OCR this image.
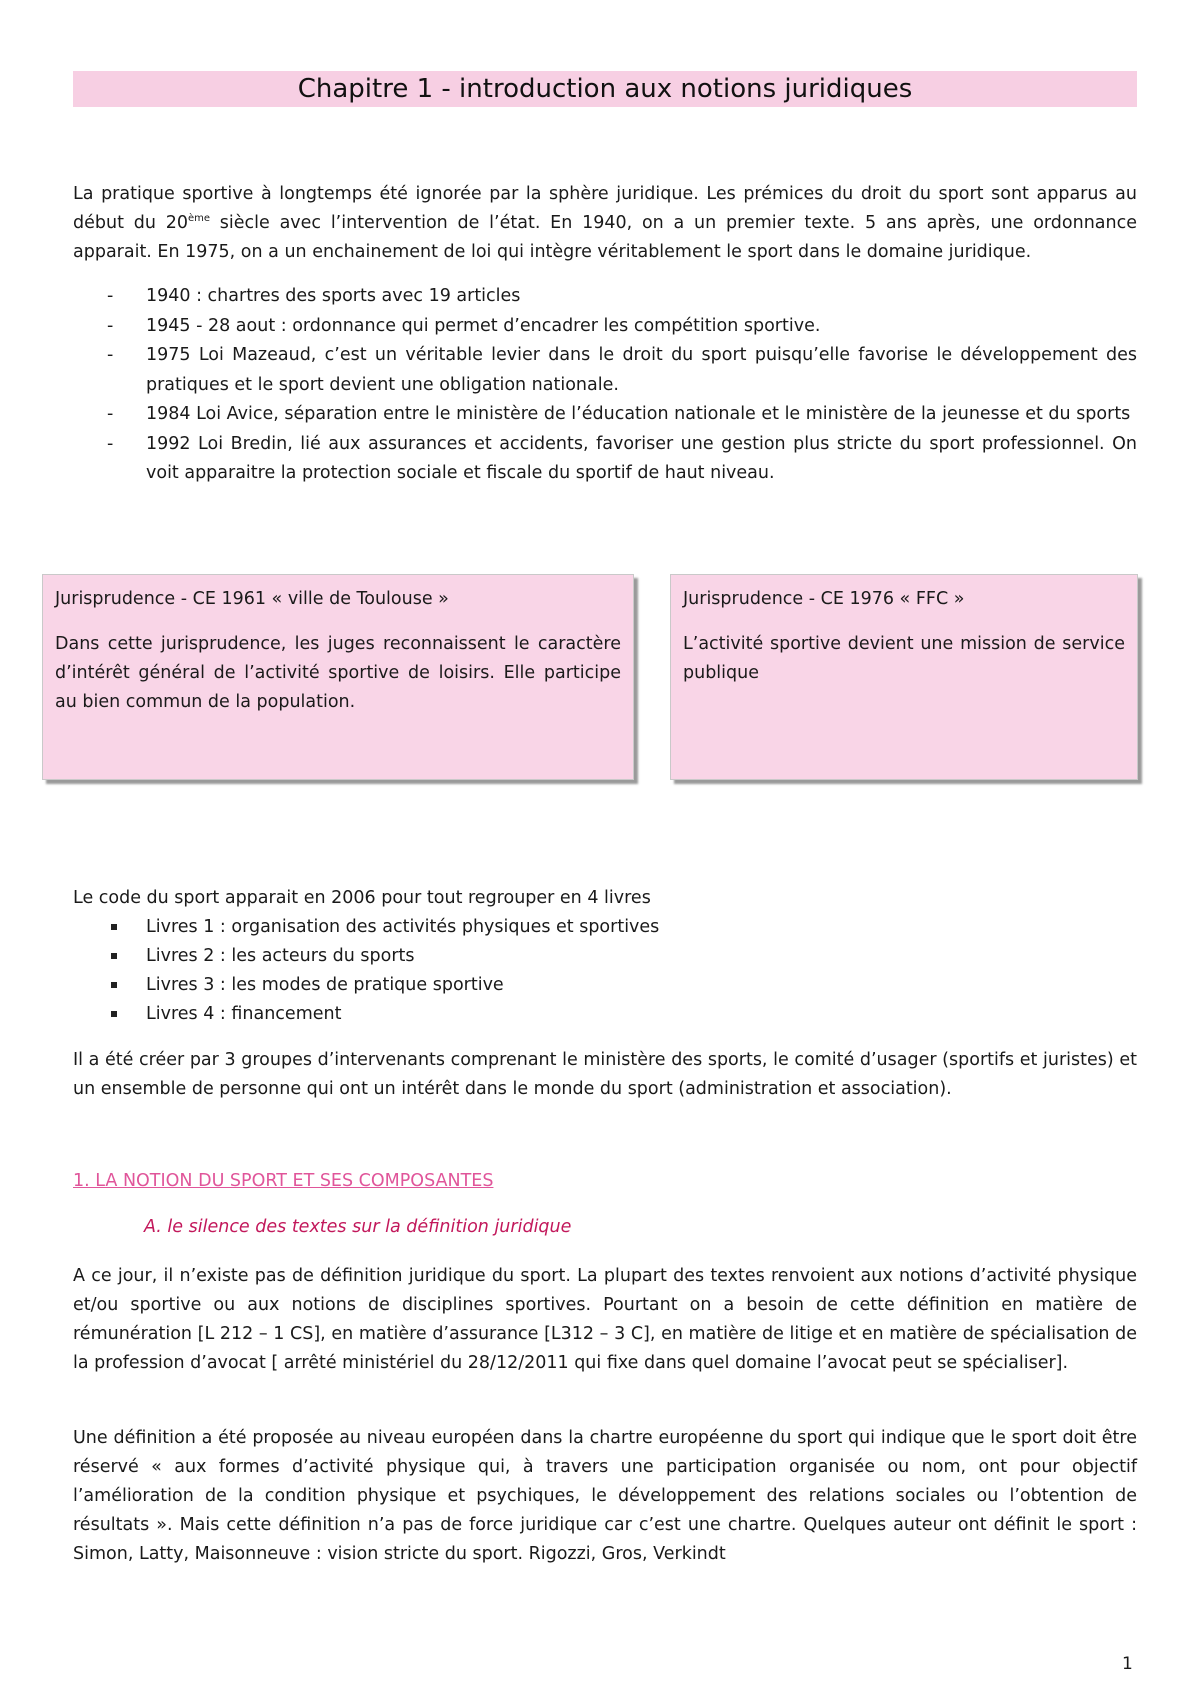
Chapitre 1 - introduction aux notions juridiques

La pratique sportive à longtemps été ignorée par la sphère juridique. Les prémices du droit du sport sont apparus au début du 20ème siècle avec l’intervention de l’état. En 1940, on a un premier texte. 5 ans après, une ordonnance apparait. En 1975, on a un enchainement de loi qui intègre véritablement le sport dans le domaine juridique.

- 1940 : chartres des sports avec 19 articles
- 1945 - 28 aout : ordonnance qui permet d’encadrer les compétition sportive.
- 1975 Loi Mazeaud, c’est un véritable levier dans le droit du sport puisqu’elle favorise le développement des pratiques et le sport devient une obligation nationale.
- 1984 Loi Avice, séparation entre le ministère de l’éducation nationale et le ministère de la jeunesse et du sports
- 1992 Loi Bredin, lié aux assurances et accidents, favoriser une gestion plus stricte du sport professionnel. On voit apparaitre la protection sociale et fiscale du sportif de haut niveau.

Jurisprudence - CE 1961 « ville de Toulouse »

Dans cette jurisprudence, les juges reconnaissent le caractère d’intérêt général de l’activité sportive de loisirs. Elle participe au bien commun de la population.

Jurisprudence - CE 1976 « FFC »

L’activité sportive devient une mission de service publique

Le code du sport apparait en 2006 pour tout regrouper en 4 livres

Livres 1 : organisation des activités physiques et sportives
Livres 2 : les acteurs du sports
Livres 3 : les modes de pratique sportive
Livres 4 : financement

Il a été créer par 3 groupes d’intervenants comprenant le ministère des sports, le comité d’usager (sportifs et juristes) et un ensemble de personne qui ont un intérêt dans le monde du sport (administration et association).

1. LA NOTION DU SPORT ET SES COMPOSANTES
A. le silence des textes sur la définition juridique

A ce jour, il n’existe pas de définition juridique du sport. La plupart des textes renvoient aux notions d’activité physique et/ou sportive ou aux notions de disciplines sportives. Pourtant on a besoin de cette définition en matière de rémunération [L 212 – 1 CS], en matière d’assurance [L312 – 3 C], en matière de litige et en matière de spécialisation de la profession d’avocat [ arrêté ministériel du 28/12/2011 qui fixe dans quel domaine l’avocat peut se spécialiser].

Une définition a été proposée au niveau européen dans la chartre européenne du sport qui indique que le sport doit être réservé « aux formes d’activité physique qui, à travers une participation organisée ou nom, ont pour objectif l’amélioration de la condition physique et psychiques, le développement des relations sociales ou l’obtention de résultats ». Mais cette définition n’a pas de force juridique car c’est une chartre. Quelques auteur ont définit le sport : Simon, Latty, Maisonneuve : vision stricte du sport. Rigozzi, Gros, Verkindt

1
